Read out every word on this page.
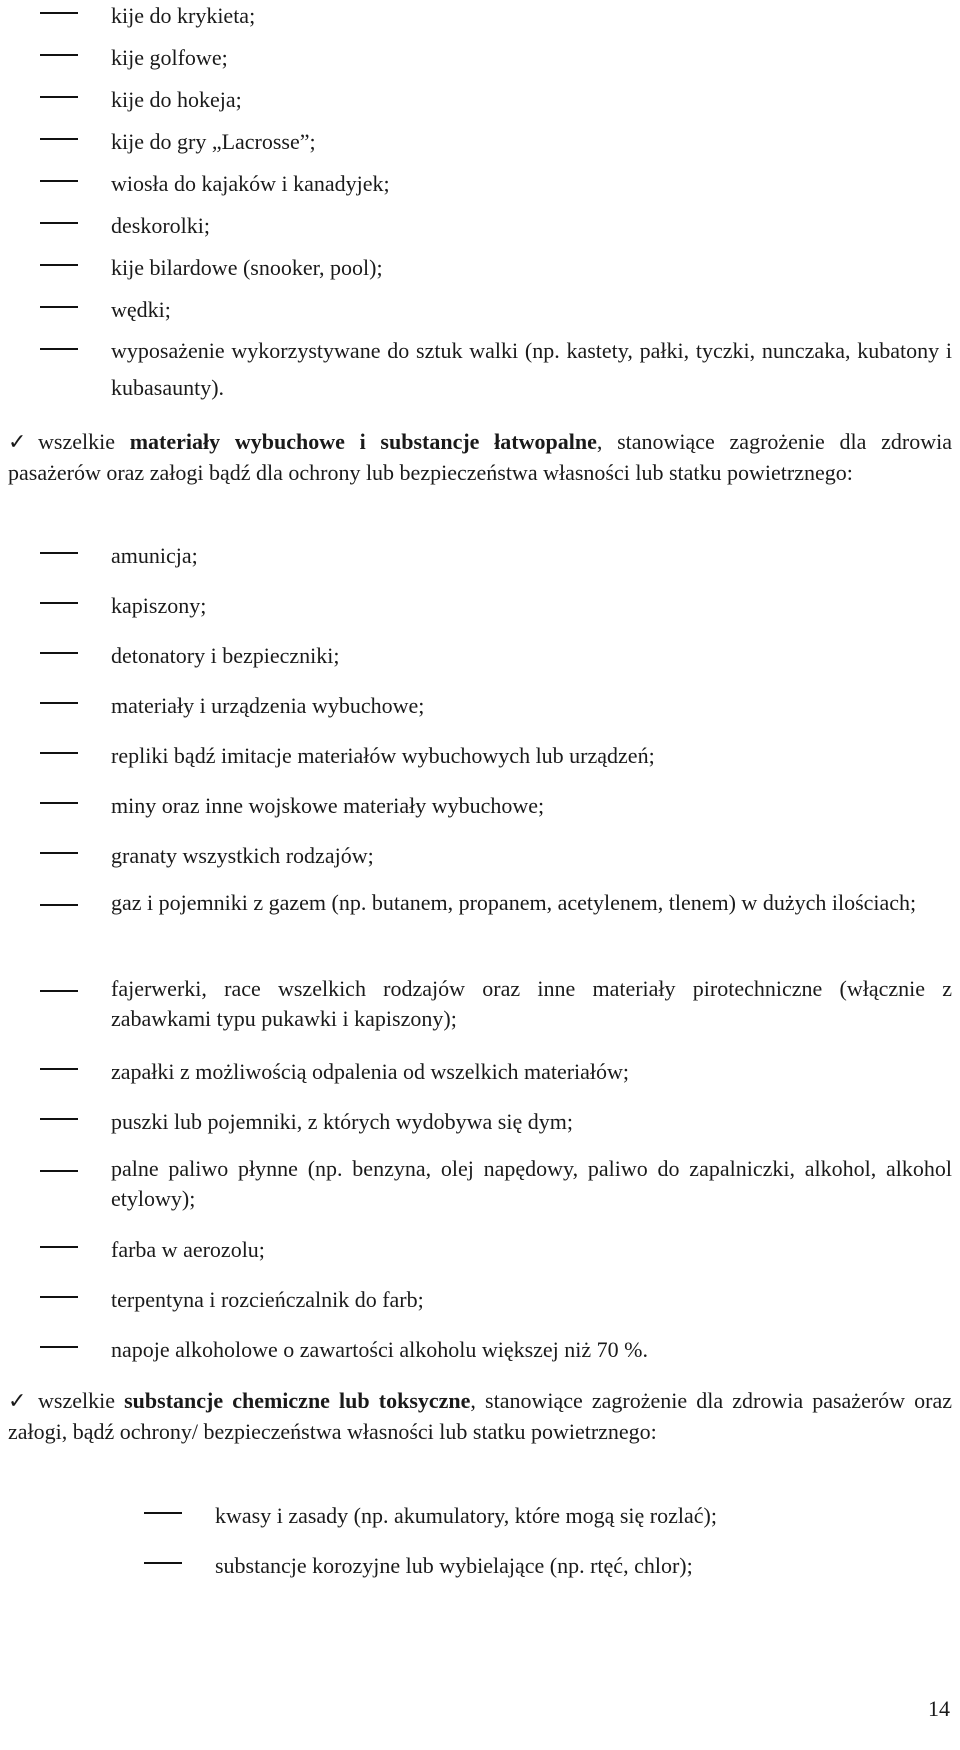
kije do krykieta;
kije golfowe;
kije do hokeja;
kije do gry „Lacrosse”;
wiosła do kajaków i kanadyjek;
deskorolki;
kije bilardowe (snooker, pool);
wędki;
wyposażenie wykorzystywane do sztuk walki (np. kastety, pałki, tyczki, nunczaka, kubatony i kubasaunty).
✓ wszelkie materiały wybuchowe i substancje łatwopalne, stanowiące zagrożenie dla zdrowia pasażerów oraz załogi bądź dla ochrony lub bezpieczeństwa własności lub statku powietrznego:
amunicja;
kapiszony;
detonatory i bezpieczniki;
materiały i urządzenia wybuchowe;
repliki bądź imitacje materiałów wybuchowych lub urządzeń;
miny oraz inne wojskowe materiały wybuchowe;
granaty wszystkich rodzajów;
gaz i pojemniki z gazem (np. butanem, propanem, acetylenem, tlenem) w dużych ilościach;
fajerwerki, race wszelkich rodzajów oraz inne materiały pirotechniczne (włącznie z zabawkami typu pukawki i kapiszony);
zapałki z możliwością odpalenia od wszelkich materiałów;
puszki lub pojemniki, z których wydobywa się dym;
palne paliwo płynne (np. benzyna, olej napędowy, paliwo do zapalniczki, alkohol, alkohol etylowy);
farba w aerozolu;
terpentyna i rozcieńczalnik do farb;
napoje alkoholowe o zawartości alkoholu większej niż 70 %.
✓ wszelkie substancje chemiczne lub toksyczne, stanowiące zagrożenie dla zdrowia pasażerów oraz załogi, bądź ochrony/ bezpieczeństwa własności lub statku powietrznego:
kwasy i zasady (np. akumulatory, które mogą się rozlać);
substancje korozyjne lub wybielające (np. rtęć, chlor);
14
